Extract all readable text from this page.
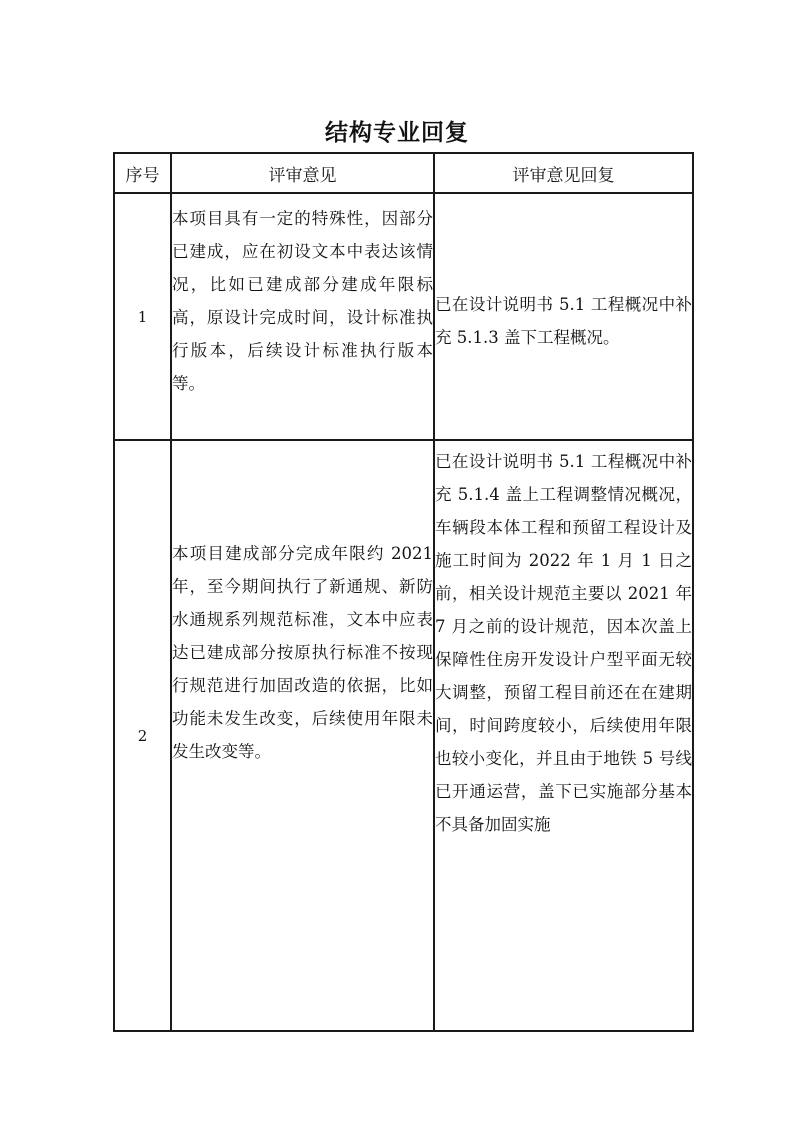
结构专业回复
序号	评审意见	评审意见回复
1	本项目具有一定的特殊性，因部分已建成，应在初设文本中表达该情况，比如已建成部分建成年限标高，原设计完成时间，设计标准执行版本，后续设计标准执行版本等。	已在设计说明书 5.1 工程概况中补充 5.1.3 盖下工程概况。

2	本项目建成部分完成年限约 2021 年，至今期间执行了新通规、新防水通规系列规范标准，文本中应表达已建成部分按原执行标准不按现行规范进行加固改造的依据，比如功能未发生改变，后续使用年限未发生改变等。	已在设计说明书 5.1 工程概况中补充 5.1.4 盖上工程调整情况概况，车辆段本体工程和预留工程设计及施工时间为 2022 年 1 月 1 日之前，相关设计规范主要以 2021 年 7 月之前的设计规范，因本次盖上保障性住房开发设计户型平面无较大调整，预留工程目前还在在建期间，时间跨度较小，后续使用年限也较小变化，并且由于地铁 5 号线已开通运营，盖下已实施部分基本不具备加固实施
